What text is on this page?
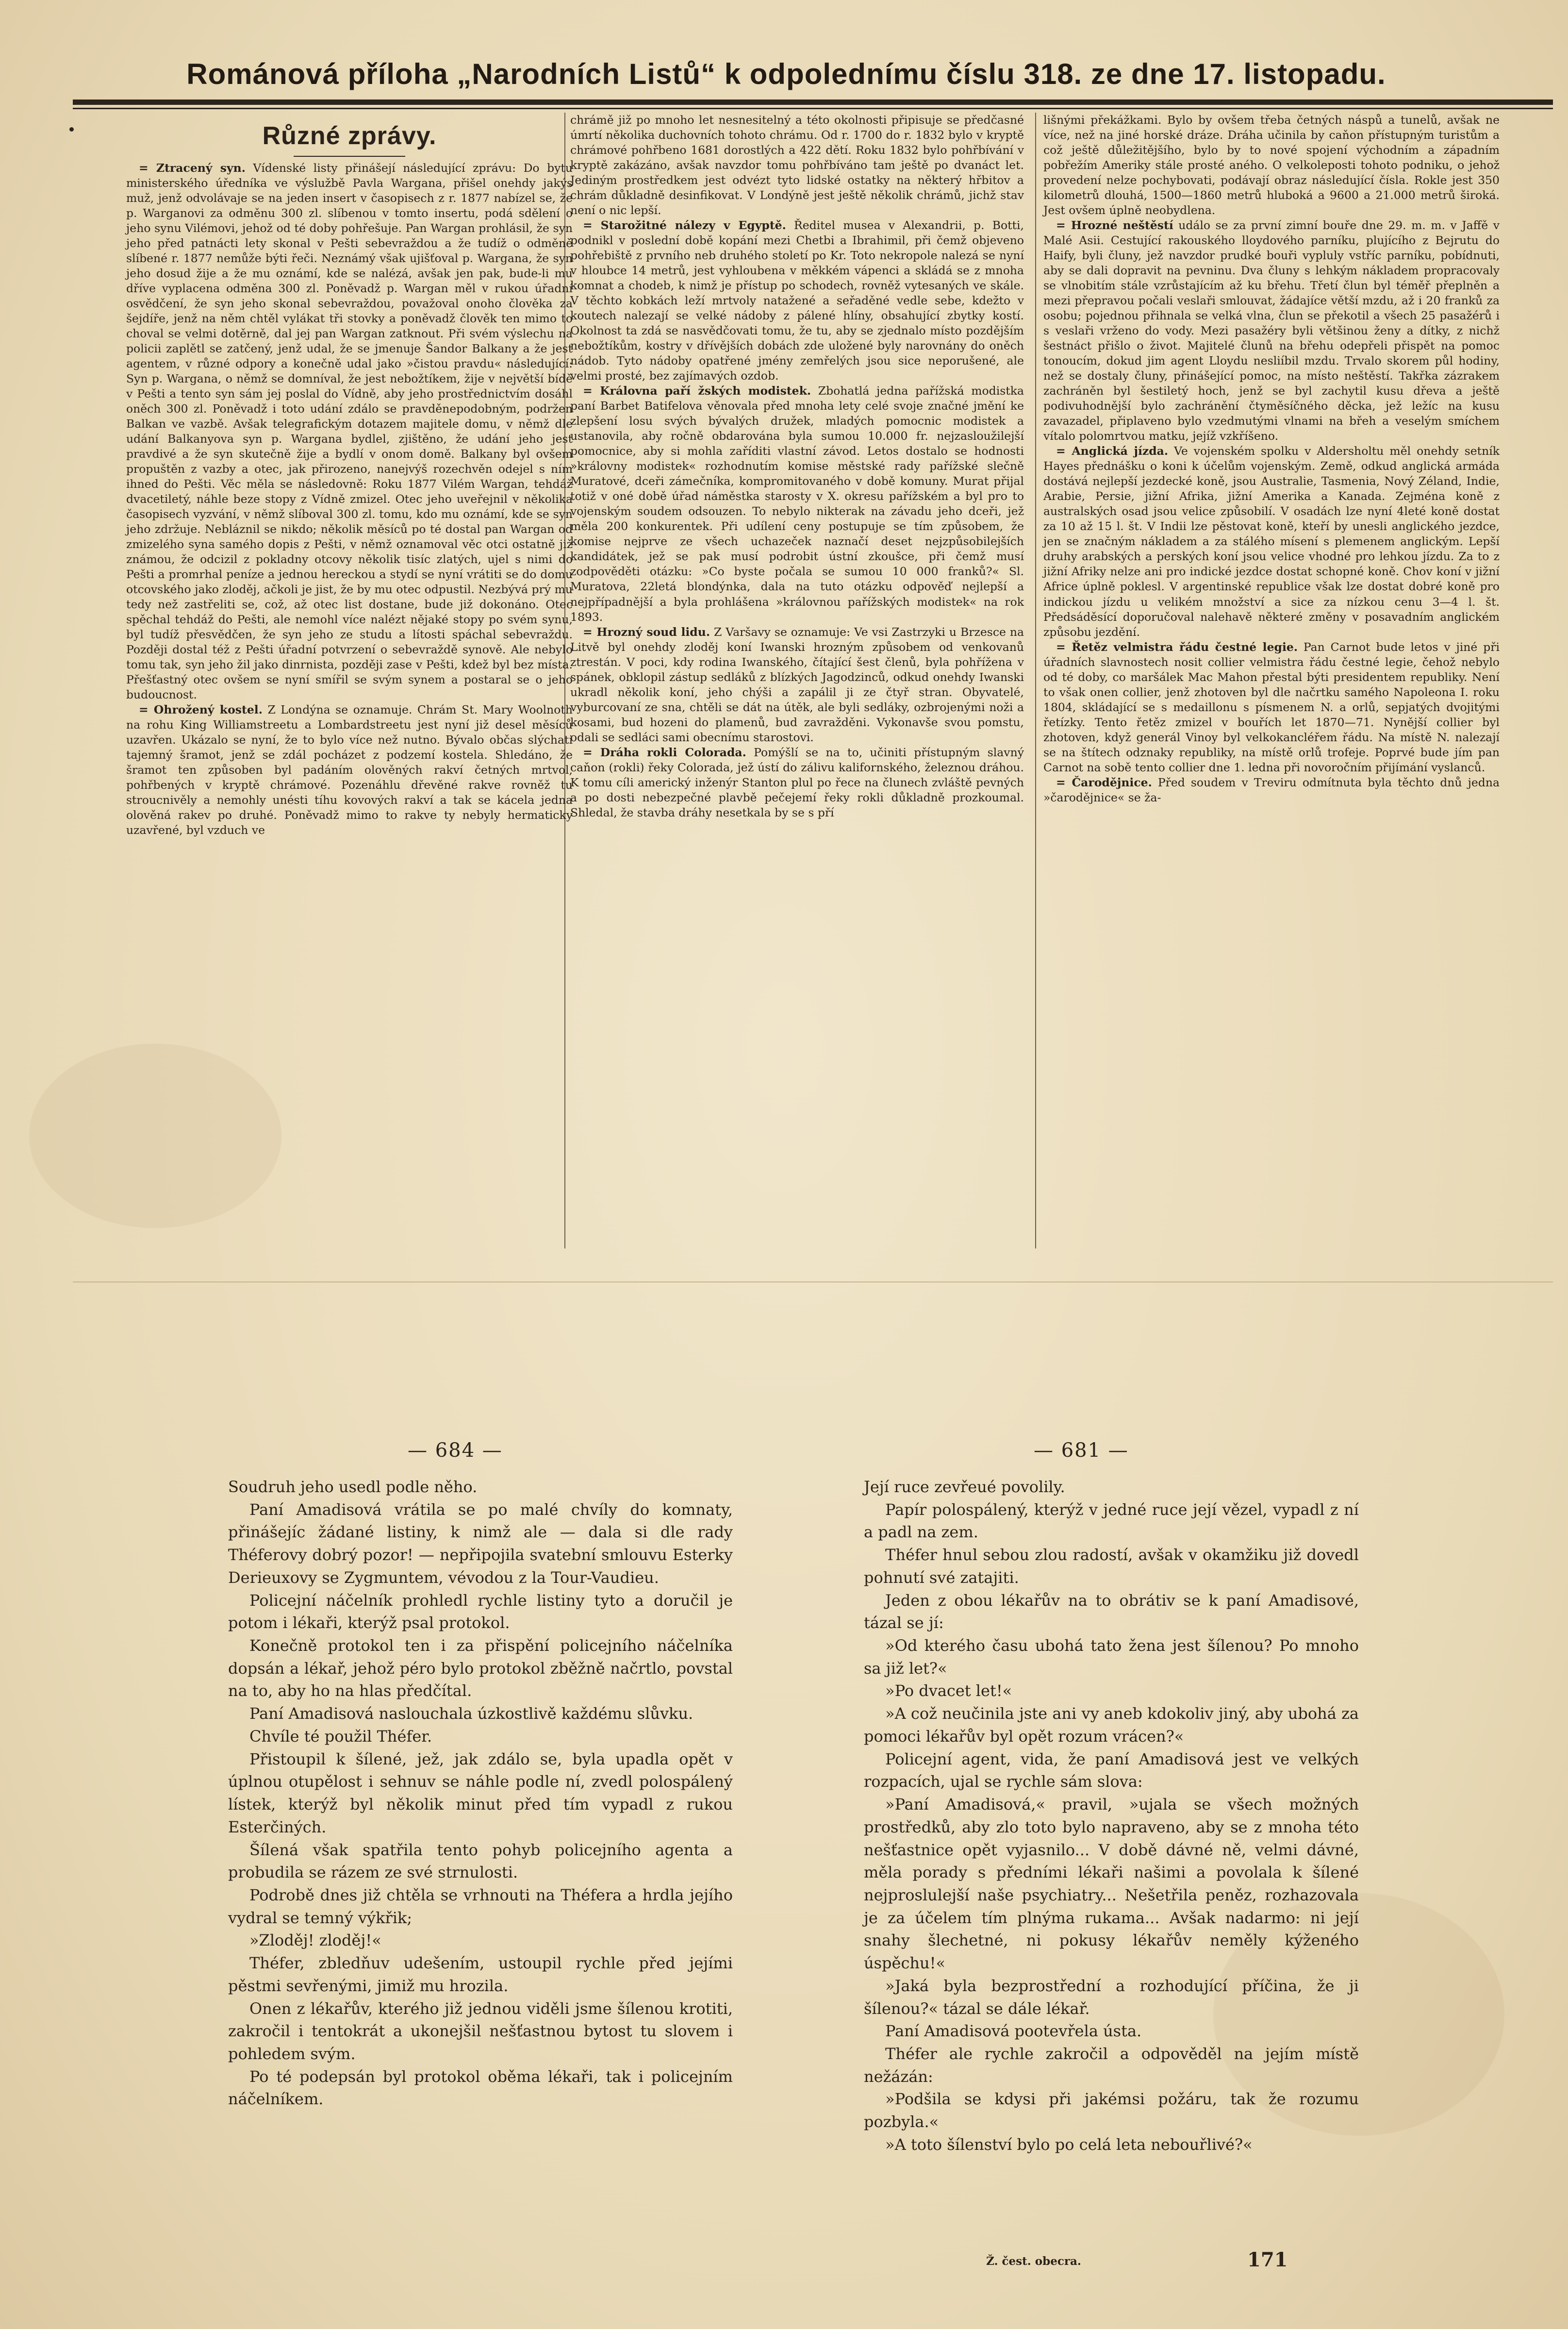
Románová příloha „Narodních Listů“ k odpolednímu číslu 318. ze dne 17. listopadu.
Různé zprávy.

= Ztracený syn. Vídenské listy přinášejí následující zprávu: Do bytu ministerského úředníka ve výslužbě Pavla Wargana, přišel onehdy jakýs muž, jenž odvolávaje se na jeden insert v časopisech z r. 1877 nabízel se, že p. Warganovi za odměnu 300 zl. slíbenou v tomto insertu, podá sdělení o jeho synu Vilémovi, jehož od té doby pohřešuje. Pan Wargan prohlásil, že syn jeho před patnácti lety skonal v Pešti sebevraždou a že tudíž o odměně slíbené r. 1877 nemůže býti řeči. Neznámý však ujišťoval p. Wargana, že syn jeho dosud žije a že mu oznámí, kde se nalézá, avšak jen pak, bude-li mu dříve vyplacena odměna 300 zl. Poněvadž p. Wargan měl v rukou úřadní osvědčení, že syn jeho skonal sebevraždou, považoval onoho člověka za šejdíře, jenž na něm chtěl vylákat tři stovky a poněvadž člověk ten mimo to choval se velmi dotěrně, dal jej pan Wargan zatknout. Při svém výslechu na policii zaplětl se zatčený, jenž udal, že se jmenuje Šandor Balkany a že jest agentem, v různé odpory a konečně udal jako »čistou pravdu« následující: Syn p. Wargana, o němž se domníval, že jest nebožtíkem, žije v největší bídě v Pešti a tento syn sám jej poslal do Vídně, aby jeho prostřednictvím dosáhl oněch 300 zl. Poněvadž i toto udání zdálo se pravděnepodobným, podržen Balkan ve vazbě. Avšak telegrafickým dotazem majitele domu, v němž dle udání Balkanyova syn p. Wargana bydlel, zjištěno, že udání jeho jest pravdivé a že syn skutečně žije a bydlí v onom domě. Balkany byl ovšem propuštěn z vazby a otec, jak přirozeno, nanejvýš rozechvěn odejel s ním ihned do Pešti. Věc měla se následovně: Roku 1877 Vilém Wargan, tehdáž dvacetiletý, náhle beze stopy z Vídně zmizel. Otec jeho uveřejnil v několika časopisech vyzvání, v němž slíboval 300 zl. tomu, kdo mu oznámí, kde se syn jeho zdržuje. Nebláznil se nikdo; několik měsíců po té dostal pan Wargan od zmizelého syna samého dopis z Pešti, v němž oznamoval věc otci ostatně již známou, že odcizil z pokladny otcovy několik tisíc zlatých, ujel s nimi do Pešti a promrhal peníze a jednou hereckou a stydí se nyní vrátiti se do domu otcovského jako zloděj, ačkoli je jist, že by mu otec odpustil. Nezbývá prý mu tedy než zastřeliti se, což, až otec list dostane, bude již dokonáno. Otec spěchal tehdáž do Pešti, ale nemohl více nalézt nějaké stopy po svém synu, byl tudíž přesvědčen, že syn jeho ze studu a lítosti spáchal sebevraždu. Později dostal též z Pešti úřadní potvrzení o sebevraždě synově. Ale nebylo tomu tak, syn jeho žil jako dinrnista, později zase v Pešti, kdež byl bez místa. Přešťastný otec ovšem se nyní smířil se svým synem a postaral se o jeho budoucnost.

= Ohrožený kostel. Z Londýna se oznamuje. Chrám St. Mary Woolnoth na rohu King Williamstreetu a Lombardstreetu jest nyní již desel měsíců uzavřen. Ukázalo se nyní, že to bylo více než nutno. Bývalo občas slýchati tajemný šramot, jenž se zdál pocházet z podzemí kostela. Shledáno, že šramot ten způsoben byl padáním olověných rakví četných mrtvol, pohřbených v kryptě chrámové. Pozenáhlu dřevěné rakve rovněž tu stroucnivěly a nemohly unésti tíhu kovových rakví a tak se kácela jedna olověná rakev po druhé. Poněvadž mimo to rakve ty nebyly hermaticky uzavřené, byl vzduch ve

chrámě již po mnoho let nesnesitelný a této okolnosti připisuje se předčasné úmrtí několika duchovních tohoto chrámu. Od r. 1700 do r. 1832 bylo v kryptě chrámové pohřbeno 1681 dorostlých a 422 dětí. Roku 1832 bylo pohřbívání v kryptě zakázáno, avšak navzdor tomu pohřbíváno tam ještě po dvanáct let. Jediným prostředkem jest odvézt tyto lidské ostatky na některý hřbitov a chrám důkladně desinfikovat. V Londýně jest ještě několik chrámů, jichž stav není o nic lepší.

= Starožitné nálezy v Egyptě. Ředitel musea v Alexandrii, p. Botti, podnikl v poslední době kopání mezi Chetbi a Ibrahimil, při čemž objeveno pohřebiště z prvního neb druhého století po Kr. Toto nekropole nalezá se nyní v hloubce 14 metrů, jest vyhloubena v měkkém vápenci a skládá se z mnoha komnat a chodeb, k nimž je přístup po schodech, rovněž vytesaných ve skále. V těchto kobkách leží mrtvoly natažené a seřaděné vedle sebe, kdežto v koutech nalezají se velké nádoby z pálené hlíny, obsahující zbytky kostí. Okolnost ta zdá se nasvědčovati tomu, že tu, aby se zjednalo místo pozdějším nebožtíkům, kostry v dřívějších dobách zde uložené byly narovnány do oněch nádob. Tyto nádoby opatřené jmény zemřelých jsou sice neporušené, ale velmi prosté, bez zajímavých ozdob.

= Královna paří žských modistek. Zbohatlá jedna pařížská modistka paní Barbet Batifelova věnovala před mnoha lety celé svoje značné jmění ke zlepšení losu svých bývalých družek, mladých pomocnic modistek a ustanovila, aby ročně obdarována byla sumou 10.000 fr. nejzasloužilejší pomocnice, aby si mohla zaříditi vlastní závod. Letos dostalo se hodnosti »královny modistek« rozhodnutím komise městské rady pařížské slečně Muratové, dceři zámečníka, kompromitovaného v době komuny. Murat přijal totiž v oné době úřad náměstka starosty v X. okresu pařížském a byl pro to vojenským soudem odsouzen. To nebylo nikterak na závadu jeho dceři, jež měla 200 konkurentek. Při udílení ceny postupuje se tím způsobem, že komise nejprve ze všech uchazeček naznačí deset nejzpůsobilejších kandidátek, jež se pak musí podrobit ústní zkoušce, při čemž musí zodpověděti otázku: »Co byste počala se sumou 10 000 franků?« Sl. Muratova, 22letá blondýnka, dala na tuto otázku odpověď nejlepší a nejpřípadnější a byla prohlášena »královnou pařížských modistek« na rok 1893.

= Hrozný soud lidu. Z Varšavy se oznamuje: Ve vsi Zastrzyki u Brzesce na Litvě byl onehdy zloděj koní Iwanski hrozným způsobem od venkovanů ztrestán. V poci, kdy rodina Iwanského, čítající šest členů, byla pohřížena v spánek, obklopil zástup sedláků z blízkých Jagodzinců, odkud onehdy Iwanski ukradl několik koní, jeho chýši a zapálil ji ze čtyř stran. Obyvatelé, vyburcovaní ze sna, chtěli se dát na útěk, ale byli sedláky, ozbrojenými noži a kosami, bud hozeni do plamenů, bud zavražděni. Vykonavše svou pomstu, odali se sedláci sami obecnímu starostovi.

= Dráha rokli Colorada. Pomýšlí se na to, učiniti přístupným slavný caňon (rokli) řeky Colorada, jež ústí do zálivu kalifornského, železnou dráhou. K tomu cíli americký inženýr Stanton plul po řece na člunech zvláště pevných a po dosti nebezpečné plavbě pečejemí řeky rokli důkladně prozkoumal. Shledal, že stavba dráhy nesetkala by se s pří

lišnými překážkami. Bylo by ovšem třeba četných náspů a tunelů, avšak ne více, než na jiné horské dráze. Dráha učinila by caňon přístupným turistům a což ještě důležitějšího, bylo by to nové spojení východním a západním pobřežím Ameriky stále prosté aného. O velkoleposti tohoto podniku, o jehož provedení nelze pochybovati, podávají obraz následující čísla. Rokle jest 350 kilometrů dlouhá, 1500—1860 metrů hluboká a 9600 a 21.000 metrů široká. Jest ovšem úplně neobydlena.

= Hrozné neštěstí událo se za první zimní bouře dne 29. m. m. v Jaffě v Malé Asii. Cestující rakouského lloydového parníku, plujícího z Bejrutu do Haify, byli čluny, jež navzdor prudké bouři vypluly vstříc parníku, pobídnuti, aby se dali dopravit na pevninu. Dva čluny s lehkým nákladem propracovaly se vlnobitím stále vzrůstajícím až ku břehu. Třetí člun byl téměř přeplněn a mezi přepravou počali veslaři smlouvat, žádajíce větší mzdu, až i 20 franků za osobu; pojednou přihnala se velká vlna, člun se překotil a všech 25 pasažérů i s veslaři vrženo do vody. Mezi pasažéry byli většinou ženy a dítky, z nichž šestnáct přišlo o život. Majitelé člunů na břehu odepřeli přispět na pomoc tonoucím, dokud jim agent Lloydu nesliíbil mzdu. Trvalo skorem půl hodiny, než se dostaly čluny, přinášející pomoc, na místo neštěstí. Takřka zázrakem zachráněn byl šestiletý hoch, jenž se byl zachytil kusu dřeva a ještě podivuhodnější bylo zachránění čtyměsíčného děcka, jež ležíc na kusu zavazadel, připlaveno bylo vzedmutými vlnami na břeh a veselým smíchem vítalo polomrtvou matku, jejíž vzkříšeno.

= Anglická jízda. Ve vojenském spolku v Aldersholtu měl onehdy setník Hayes přednášku o koni k účelům vojenským. Země, odkud anglická armáda dostává nejlepší jezdecké koně, jsou Australie, Tasmenia, Nový Zéland, Indie, Arabie, Persie, jižní Afrika, jižní Amerika a Kanada. Zejména koně z australských osad jsou velice způsobilí. V osadách lze nyní 4leté koně dostat za 10 až 15 l. št. V Indii lze pěstovat koně, kteří by unesli anglického jezdce, jen se značným nákladem a za stálého mísení s plemenem anglickým. Lepší druhy arabských a perských koní jsou velice vhodné pro lehkou jízdu. Za to z jižní Afriky nelze ani pro indické jezdce dostat schopné koně. Chov koní v jižní Africe úplně poklesl. V argentinské republice však lze dostat dobré koně pro indickou jízdu u velikém množství a sice za nízkou cenu 3—4 l. št. Předsáděsící doporučoval nalehavě některé změny v posavadním anglickém způsobu jezdění.

= Řetěz velmistra řádu čestné legie. Pan Carnot bude letos v jiné při úřadních slavnostech nosit collier velmistra řádu čestné legie, čehož nebylo od té doby, co maršálek Mac Mahon přestal býti presidentem republiky. Není to však onen collier, jenž zhotoven byl dle načrtku samého Napoleona I. roku 1804, skládající se s medaillonu s písmenem N. a orlů, sepjatých dvojitými řetízky. Tento řetěz zmizel v bouřích let 1870—71. Nynější collier byl zhotoven, když generál Vinoy byl velkokancléřem řádu. Na místě N. nalezají se na štítech odznaky republiky, na místě orlů trofeje. Poprvé bude jím pan Carnot na sobě tento collier dne 1. ledna při novoročním přijímání vyslanců.

= Čarodějnice. Před soudem v Treviru odmítnuta byla těchto dnů jedna »čarodějnice« se ža-

— 684 —	— 681 —

Soudruh jeho usedl podle něho.

Paní Amadisová vrátila se po malé chvíly do komnaty, přinášejíc žádané listiny, k nimž ale — dala si dle rady Théferovy dobrý pozor! — nepřipojila svatební smlouvu Esterky Derieuxovy se Zygmuntem, vévodou z la Tour-Vaudieu.

Policejní náčelník prohledl rychle listiny tyto a doručil je potom i lékaři, kterýž psal protokol.

Konečně protokol ten i za přispění policejního náčelníka dopsán a lékař, jehož péro bylo protokol zběžně načrtlo, povstal na to, aby ho na hlas předčítal.

Paní Amadisová naslouchala úzkostlivě každému slůvku.

Chvíle té použil Théfer.

Přistoupil k šílené, jež, jak zdálo se, byla upadla opět v úplnou otupělost i sehnuv se náhle podle ní, zvedl polospálený lístek, kterýž byl několik minut před tím vypadl z rukou Esterčiných.

Šílená však spatřila tento pohyb policejního agenta a probudila se rázem ze své strnulosti.

Podrobě dnes již chtěla se vrhnouti na Théfera a hrdla jejího vydral se temný výkřik;

»Zloděj! zloděj!«

Théfer, zbledňuv udešením, ustoupil rychle před jejími pěstmi sevřenými, jimiž mu hrozila.

Onen z lékařův, kterého již jednou viděli jsme šílenou krotiti, zakročil i tentokrát a ukonejšil nešťastnou bytost tu slovem i pohledem svým.

Po té podepsán byl protokol oběma lékaři, tak i policejním náčelníkem.

Její ruce zevřeué povolily.

Papír polospálený, kterýž v jedné ruce její vězel, vypadl z ní a padl na zem.

Théfer hnul sebou zlou radostí, avšak v okamžiku již dovedl pohnutí své zatajiti.

Jeden z obou lékařův na to obrátiv se k paní Amadisové, tázal se jí:

»Od kterého času ubohá tato žena jest šílenou? Po mnoho sa již let?«

»Po dvacet let!«

»A což neučinila jste ani vy aneb kdokoliv jiný, aby ubohá za pomoci lékařův byl opět rozum vrácen?«

Policejní agent, vida, že paní Amadisová jest ve velkých rozpacích, ujal se rychle sám slova:

»Paní Amadisová,« pravil, »ujala se všech možných prostředků, aby zlo toto bylo napraveno, aby se z mnoha této nešťastnice opět vyjasnilo... V době dávné ně, velmi dávné, měla porady s předními lékaři našimi a povolala k šílené nejproslulejší naše psychiatry... Nešetřila peněz, rozhazovala je za účelem tím plnýma rukama... Avšak nadarmo: ni její snahy šlechetné, ni pokusy lékařův neměly kýženého úspěchu!«

»Jaká byla bezprostřední a rozhodující příčina, že ji šílenou?« tázal se dále lékař.

Paní Amadisová pootevřela ústa.

Théfer ale rychle zakročil a odpověděl na jejím místě nežázán:

»Podšila se kdysi při jakémsi požáru, tak že rozumu pozbyla.«

»A toto šílenství bylo po celá leta nebouřlivé?«

Ž. čest. obecra.	171
